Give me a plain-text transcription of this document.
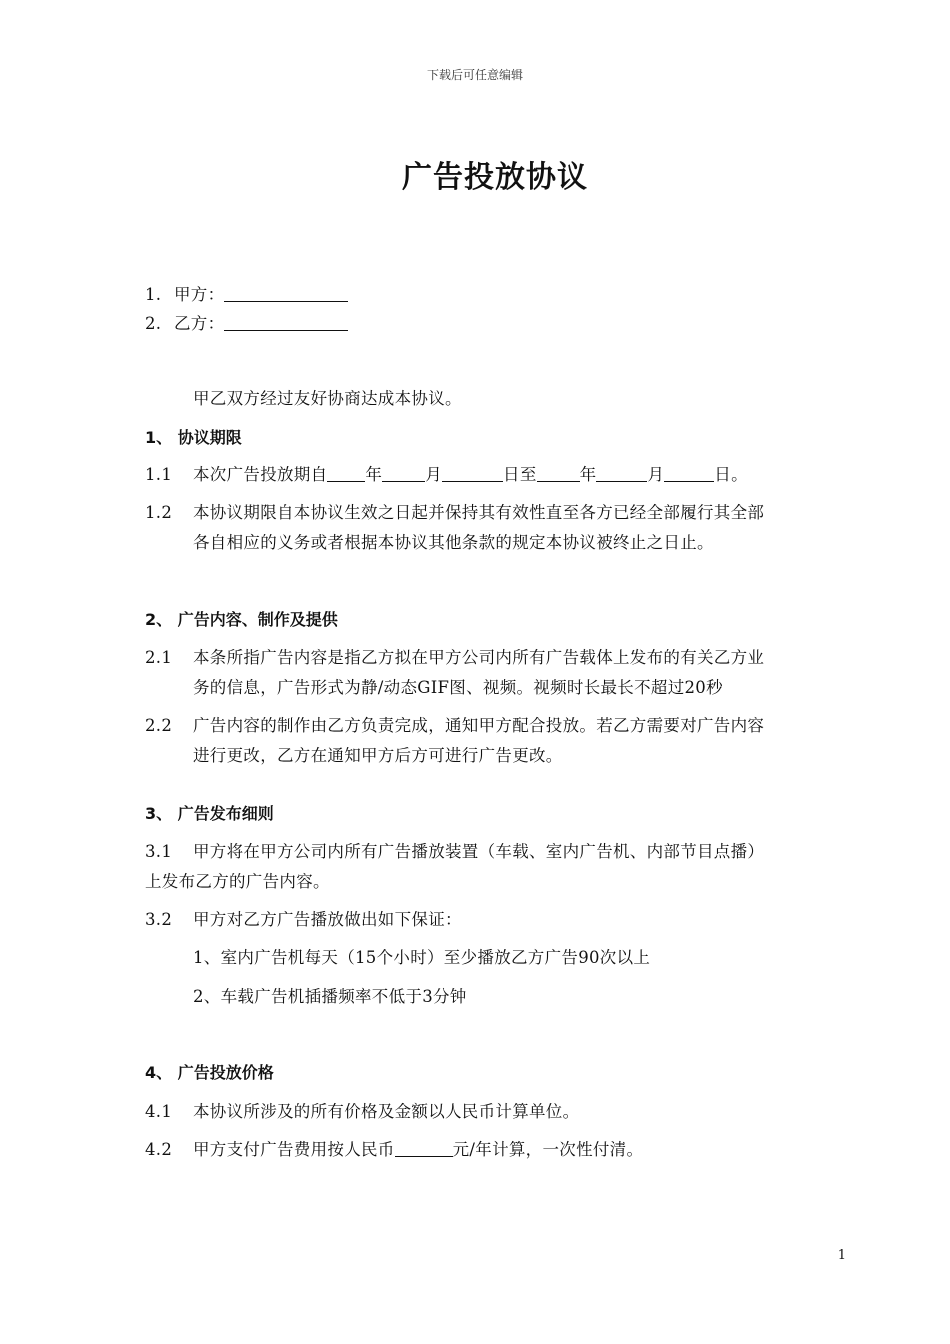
下载后可任意编辑
广告投放协议
1. 甲方：
2. 乙方：
甲乙双方经过友好协商达成本协议。
1、 协议期限
1.1 本次广告投放期自 年	月	日至	年	月	日。
1.2 本协议期限自本协议生效之日起并保持其有效性直至各方已经全部履行其全部
各自相应的义务或者根据本协议其他条款的规定本协议被终止之日止。
2、 广告内容、制作及提供
2.1 本条所指广告内容是指乙方拟在甲方公司内所有广告载体上发布的有关乙方业
务的信息，广告形式为静/动态GIF图、视频。视频时长最长不超过20秒
2.2 广告内容的制作由乙方负责完成，通知甲方配合投放。若乙方需要对广告内容
进行更改，乙方在通知甲方后方可进行广告更改。
3、 广告发布细则
3.1 甲方将在甲方公司内所有广告播放装置（车载、室内广告机、内部节目点播）
上发布乙方的广告内容。
3.2 甲方对乙方广告播放做出如下保证：
1、室内广告机每天（15个小时）至少播放乙方广告90次以上
2、车载广告机插播频率不低于3分钟
4、 广告投放价格
4.1 本协议所涉及的所有价格及金额以人民币计算单位。
4.2 甲方支付广告费用按人民币	元/年计算，一次性付清。
1
